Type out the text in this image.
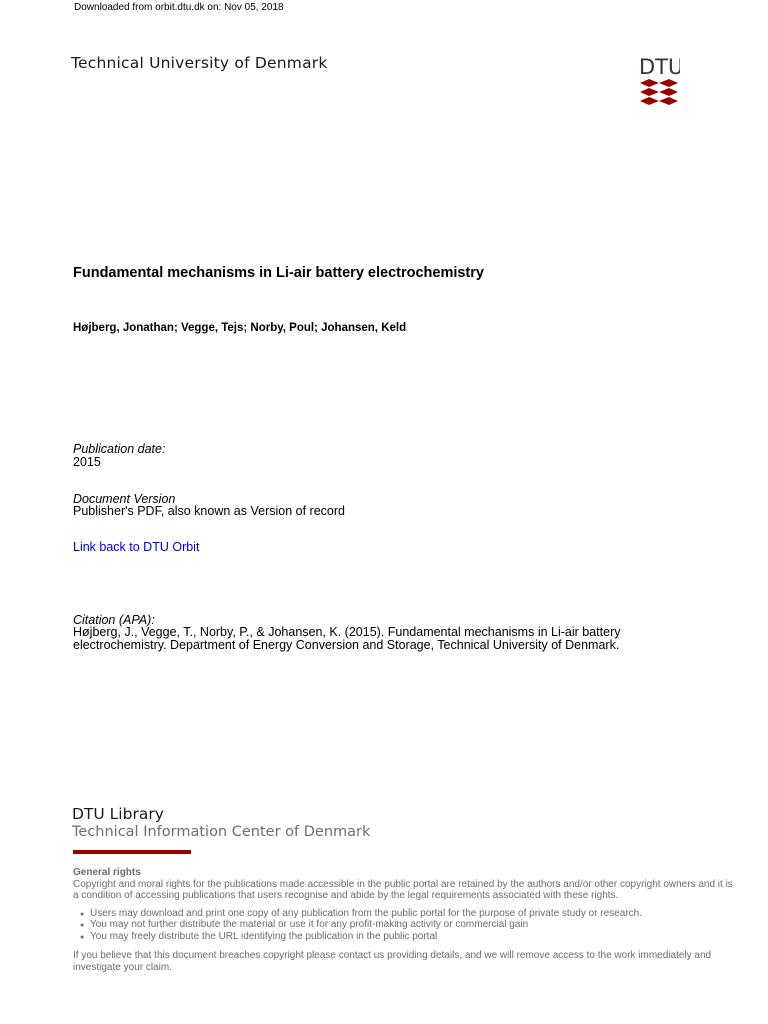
Downloaded from orbit.dtu.dk on: Nov 05, 2018
Technical University of Denmark	DTU
Fundamental mechanisms in Li-air battery electrochemistry
Højberg, Jonathan; Vegge, Tejs; Norby, Poul; Johansen, Keld
Publication date:
2015
Document Version
Publisher's PDF, also known as Version of record
Link back to DTU Orbit
Citation (APA):
Højberg, J., Vegge, T., Norby, P., & Johansen, K. (2015). Fundamental mechanisms in Li-air battery electrochemistry. Department of Energy Conversion and Storage, Technical University of Denmark.
DTU Library
Technical Information Center of Denmark
General rights
Copyright and moral rights for the publications made accessible in the public portal are retained by the authors and/or other copyright owners and it is a condition of accessing publications that users recognise and abide by the legal requirements associated with these rights.
● Users may download and print one copy of any publication from the public portal for the purpose of private study or research.
● You may not further distribute the material or use it for any profit-making activity or commercial gain
● You may freely distribute the URL identifying the publication in the public portal
If you believe that this document breaches copyright please contact us providing details, and we will remove access to the work immediately and investigate your claim.
